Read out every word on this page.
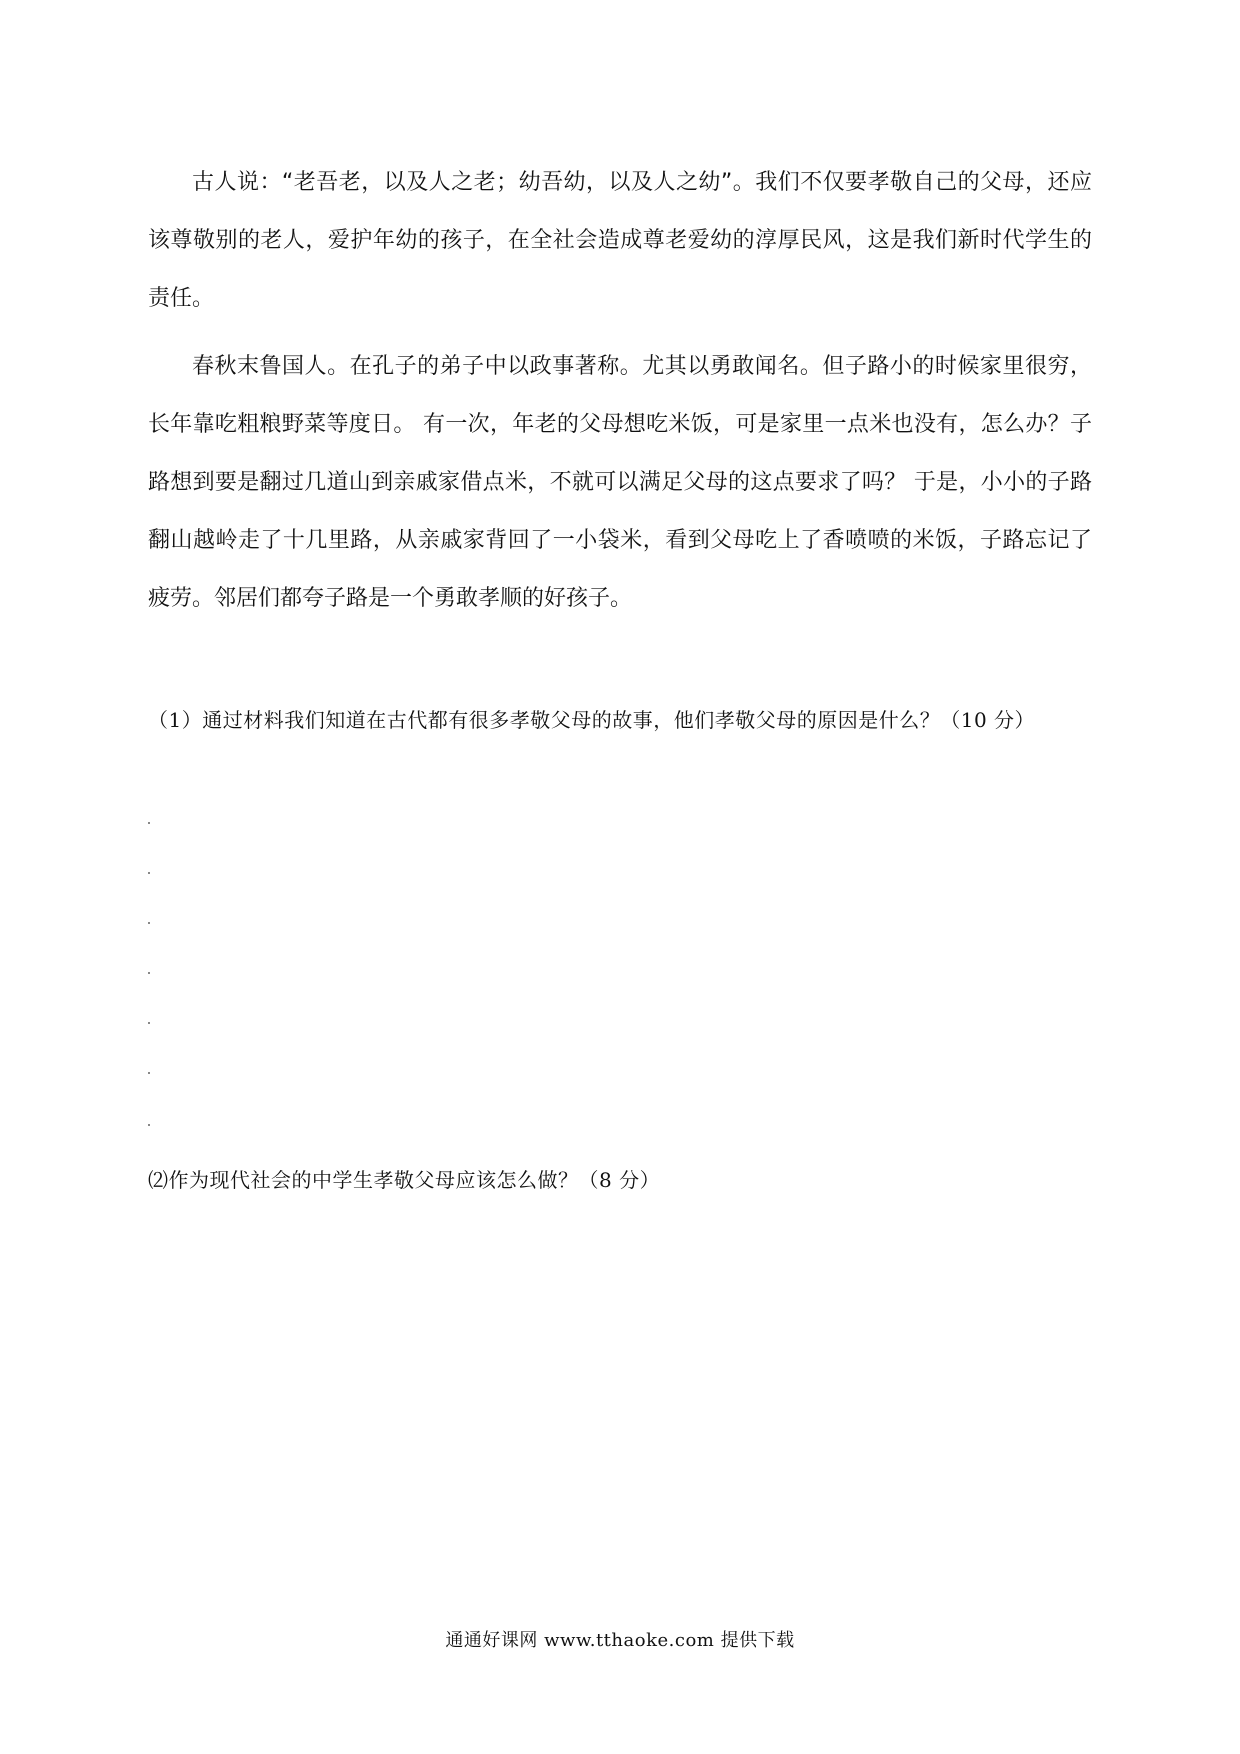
古人说：“老吾老，以及人之老；幼吾幼，以及人之幼”。我们不仅要孝敬自己的父母，还应该尊敬别的老人，爱护年幼的孩子，在全社会造成尊老爱幼的淳厚民风，这是我们新时代学生的责任。

春秋末鲁国人。在孔子的弟子中以政事著称。尤其以勇敢闻名。但子路小的时候家里很穷，长年靠吃粗粮野菜等度日。 有一次，年老的父母想吃米饭，可是家里一点米也没有，怎么办？子路想到要是翻过几道山到亲戚家借点米，不就可以满足父母的这点要求了吗？ 于是，小小的子路翻山越岭走了十几里路，从亲戚家背回了一小袋米，看到父母吃上了香喷喷的米饭，子路忘记了疲劳。邻居们都夸子路是一个勇敢孝顺的好孩子。

（1）通过材料我们知道在古代都有很多孝敬父母的故事，他们孝敬父母的原因是什么？（10 分）

⑵作为现代社会的中学生孝敬父母应该怎么做？（8 分）

通通好课网 www.tthaoke.com 提供下载
